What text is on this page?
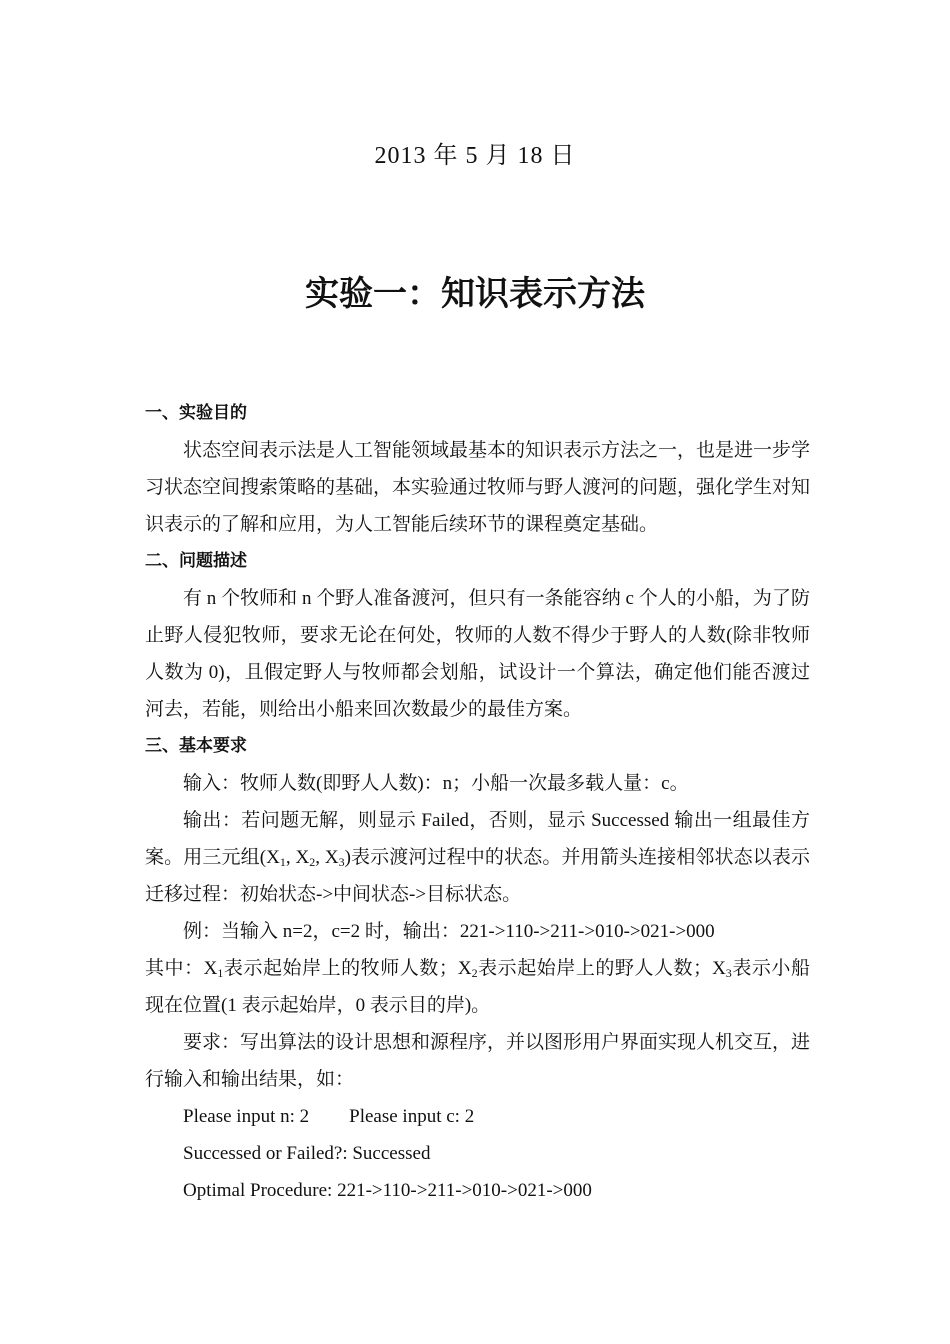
2013 年 5 月 18 日
实验一：知识表示方法
一、实验目的
状态空间表示法是人工智能领域最基本的知识表示方法之一，也是进一步学习状态空间搜索策略的基础，本实验通过牧师与野人渡河的问题，强化学生对知识表示的了解和应用，为人工智能后续环节的课程奠定基础。
二、问题描述
有 n 个牧师和 n 个野人准备渡河，但只有一条能容纳 c 个人的小船，为了防止野人侵犯牧师，要求无论在何处，牧师的人数不得少于野人的人数(除非牧师人数为 0)，且假定野人与牧师都会划船，试设计一个算法，确定他们能否渡过河去，若能，则给出小船来回次数最少的最佳方案。
三、基本要求
输入：牧师人数(即野人人数)：n；小船一次最多载人量：c。
输出：若问题无解，则显示 Failed，否则，显示 Successed 输出一组最佳方案。用三元组($X_1$, $X_2$, $X_3$)表示渡河过程中的状态。并用箭头连接相邻状态以表示迁移过程：初始状态->中间状态->目标状态。
例：当输入 n=2，c=2 时，输出：221->110->211->010->021->000
其中：$X_1$表示起始岸上的牧师人数；$X_2$表示起始岸上的野人人数；$X_3$表示小船现在位置(1 表示起始岸，0 表示目的岸)。
要求：写出算法的设计思想和源程序，并以图形用户界面实现人机交互，进行输入和输出结果，如：
Please input n: 2 Please input c: 2
Successed or Failed?: Successed
Optimal Procedure: 221->110->211->010->021->000
